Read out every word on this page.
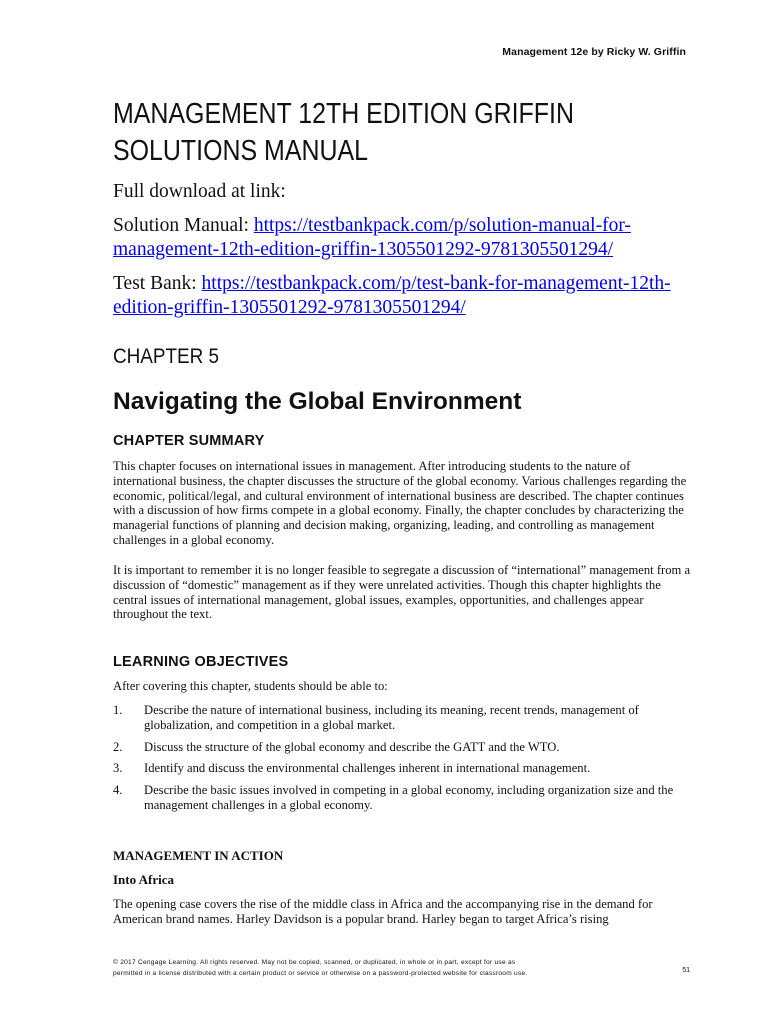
Management 12e by Ricky W. Griffin
MANAGEMENT 12TH EDITION GRIFFIN
SOLUTIONS MANUAL

Full download at link:

Solution Manual: https://testbankpack.com/p/solution-manual-for-
management-12th-edition-griffin-1305501292-9781305501294/

Test Bank: https://testbankpack.com/p/test-bank-for-management-12th-
edition-griffin-1305501292-9781305501294/

CHAPTER 5
Navigating the Global Environment
CHAPTER SUMMARY

This chapter focuses on international issues in management. After introducing students to the nature of international business, the chapter discusses the structure of the global economy. Various challenges regarding the economic, political/legal, and cultural environment of international business are described. The chapter continues with a discussion of how firms compete in a global economy. Finally, the chapter concludes by characterizing the managerial functions of planning and decision making, organizing, leading, and controlling as management challenges in a global economy.

It is important to remember it is no longer feasible to segregate a discussion of “international” management from a discussion of “domestic” management as if they were unrelated activities. Though this chapter highlights the central issues of international management, global issues, examples, opportunities, and challenges appear throughout the text.

LEARNING OBJECTIVES

After covering this chapter, students should be able to:

1.	Describe the nature of international business, including its meaning, recent trends, management of globalization, and competition in a global market.
2.	Discuss the structure of the global economy and describe the GATT and the WTO.
3.	Identify and discuss the environmental challenges inherent in international management.
4.	Describe the basic issues involved in competing in a global economy, including organization size and the management challenges in a global economy.
MANAGEMENT IN ACTION
Into Africa

The opening case covers the rise of the middle class in Africa and the accompanying rise in the demand for American brand names. Harley Davidson is a popular brand. Harley began to target Africa’s rising

© 2017 Cengage Learning. All rights reserved. May not be copied, scanned, or duplicated, in whole or in part, except for use as
permitted in a license distributed with a certain product or service or otherwise on a password-protected website for classroom use.	51
